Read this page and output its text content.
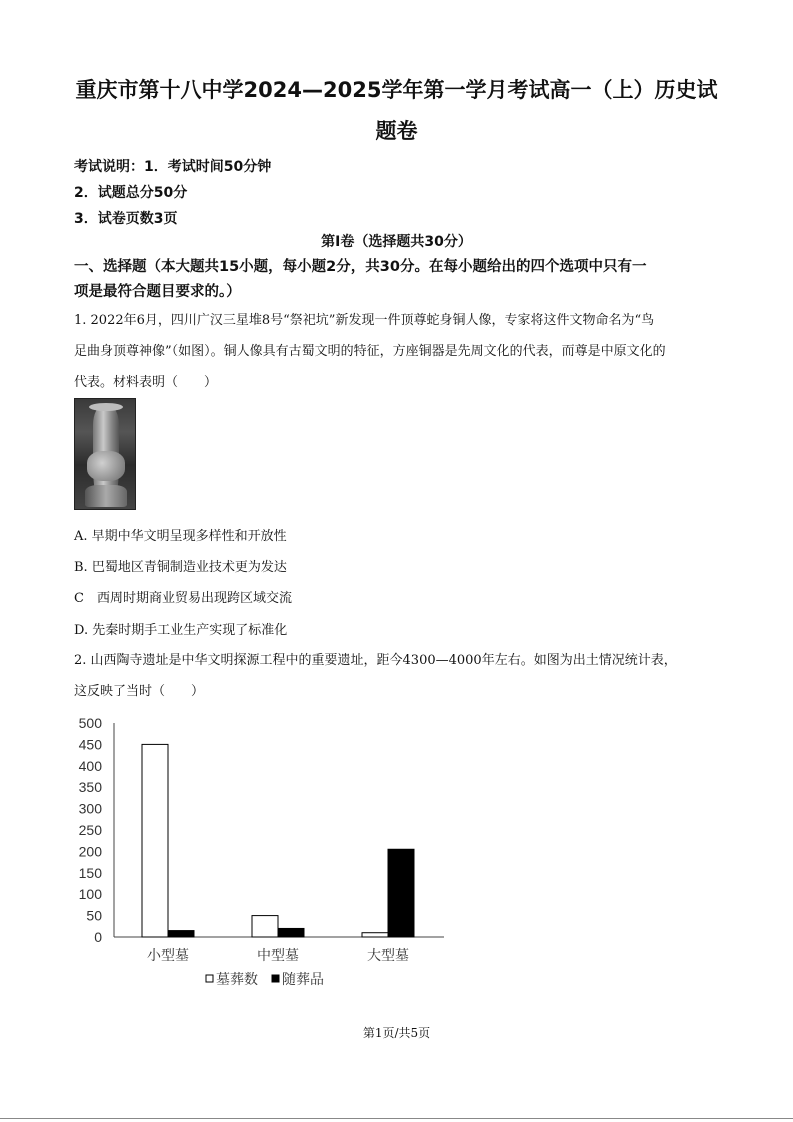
重庆市第十八中学2024—2025学年第一学月考试高一（上）历史试
题卷
考试说明：1．考试时间50分钟
2．试题总分50分
3．试卷页数3页
第Ⅰ卷（选择题共30分）
一、选择题（本大题共15小题，每小题2分，共30分。在每小题给出的四个选项中只有一
项是最符合题目要求的。）
1. 2022年6月，四川广汉三星堆8号“祭祀坑”新发现一件顶尊蛇身铜人像，专家将这件文物命名为“鸟
足曲身顶尊神像”（如图）。铜人像具有古蜀文明的特征，方座铜器是先周文化的代表，而尊是中原文化的
代表。材料表明（　　）
A. 早期中华文明呈现多样性和开放性
B. 巴蜀地区青铜制造业技术更为发达
C　西周时期商业贸易出现跨区域交流
D. 先秦时期手工业生产实现了标准化
2. 山西陶寺遗址是中华文明探源工程中的重要遗址，距今4300—4000年左右。如图为出土情况统计表，
这反映了当时（　　）
0
50
100
150
200
250
300
350
400
450
500
小型墓	中型墓	大型墓
墓葬数 随葬品
第1页/共5页
